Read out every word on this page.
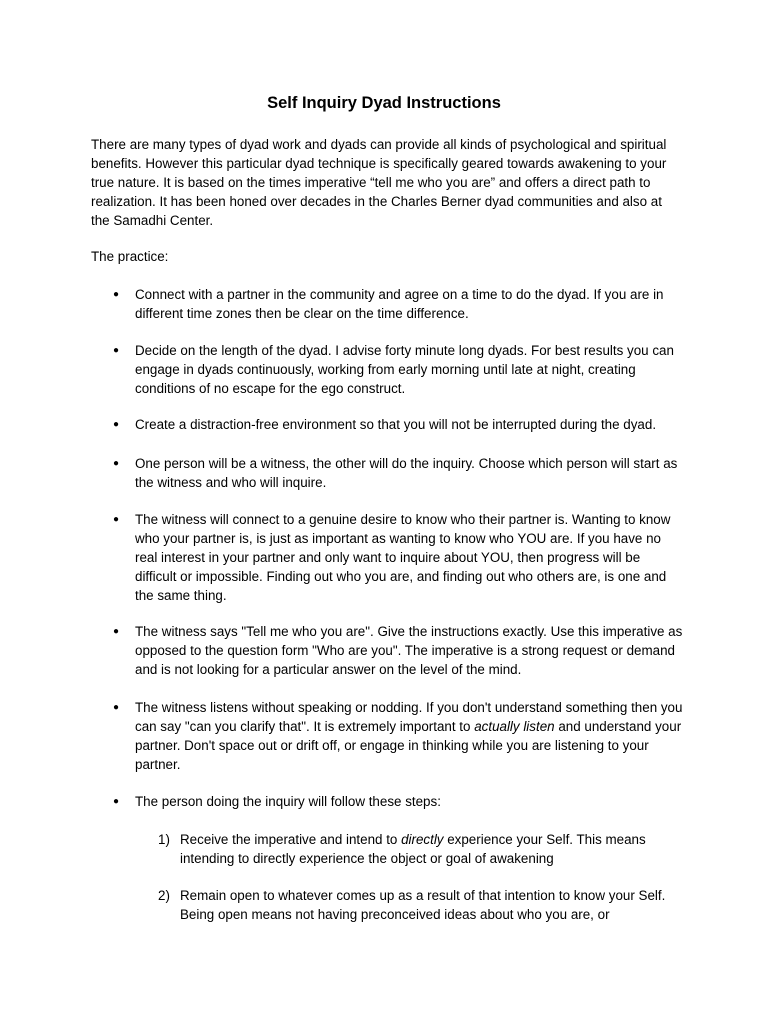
Self Inquiry Dyad Instructions

There are many types of dyad work and dyads can provide all kinds of psychological and spiritual benefits. However this particular dyad technique is specifically geared towards awakening to your true nature. It is based on the times imperative “tell me who you are” and offers a direct path to realization. It has been honed over decades in the Charles Berner dyad communities and also at the Samadhi Center.

The practice:

●	Connect with a partner in the community and agree on a time to do the dyad. If you are in different time zones then be clear on the time difference.
●	Decide on the length of the dyad. I advise forty minute long dyads. For best results you can engage in dyads continuously, working from early morning until late at night, creating conditions of no escape for the ego construct.
●	Create a distraction-free environment so that you will not be interrupted during the dyad.
●	One person will be a witness, the other will do the inquiry. Choose which person will start as the witness and who will inquire.
●	The witness will connect to a genuine desire to know who their partner is. Wanting to know who your partner is, is just as important as wanting to know who YOU are. If you have no real interest in your partner and only want to inquire about YOU, then progress will be difficult or impossible. Finding out who you are, and finding out who others are, is one and the same thing.
●	The witness says "Tell me who you are". Give the instructions exactly. Use this imperative as opposed to the question form "Who are you". The imperative is a strong request or demand and is not looking for a particular answer on the level of the mind.
●	The witness listens without speaking or nodding. If you don't understand something then you can say "can you clarify that". It is extremely important to actually listen and understand your partner. Don't space out or drift off, or engage in thinking while you are listening to your partner.
●	The person doing the inquiry will follow these steps:
1) Receive the imperative and intend to directly experience your Self. This means intending to directly experience the object or goal of awakening
2) Remain open to whatever comes up as a result of that intention to know your Self. Being open means not having preconceived ideas about who you are, or
